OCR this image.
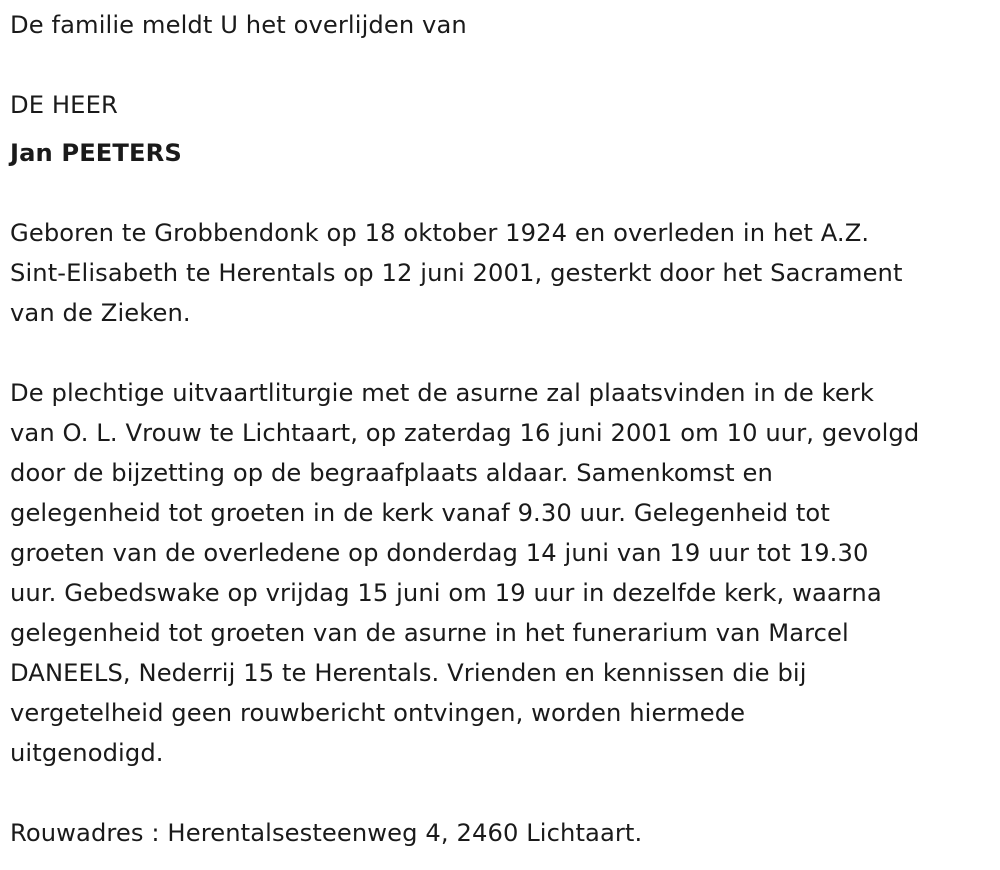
De familie meldt U het overlijden van

DE HEER

Jan PEETERS

Geboren te Grobbendonk op 18 oktober 1924 en overleden in het A.Z.

Sint-Elisabeth te Herentals op 12 juni 2001, gesterkt door het Sacrament

van de Zieken.

De plechtige uitvaartliturgie met de asurne zal plaatsvinden in de kerk

van O. L. Vrouw te Lichtaart, op zaterdag 16 juni 2001 om 10 uur, gevolgd

door de bijzetting op de begraafplaats aldaar. Samenkomst en

gelegenheid tot groeten in de kerk vanaf 9.30 uur. Gelegenheid tot

groeten van de overledene op donderdag 14 juni van 19 uur tot 19.30

uur. Gebedswake op vrijdag 15 juni om 19 uur in dezelfde kerk, waarna

gelegenheid tot groeten van de asurne in het funerarium van Marcel

DANEELS, Nederrij 15 te Herentals. Vrienden en kennissen die bij

vergetelheid geen rouwbericht ontvingen, worden hiermede

uitgenodigd.

Rouwadres : Herentalsesteenweg 4, 2460 Lichtaart.
